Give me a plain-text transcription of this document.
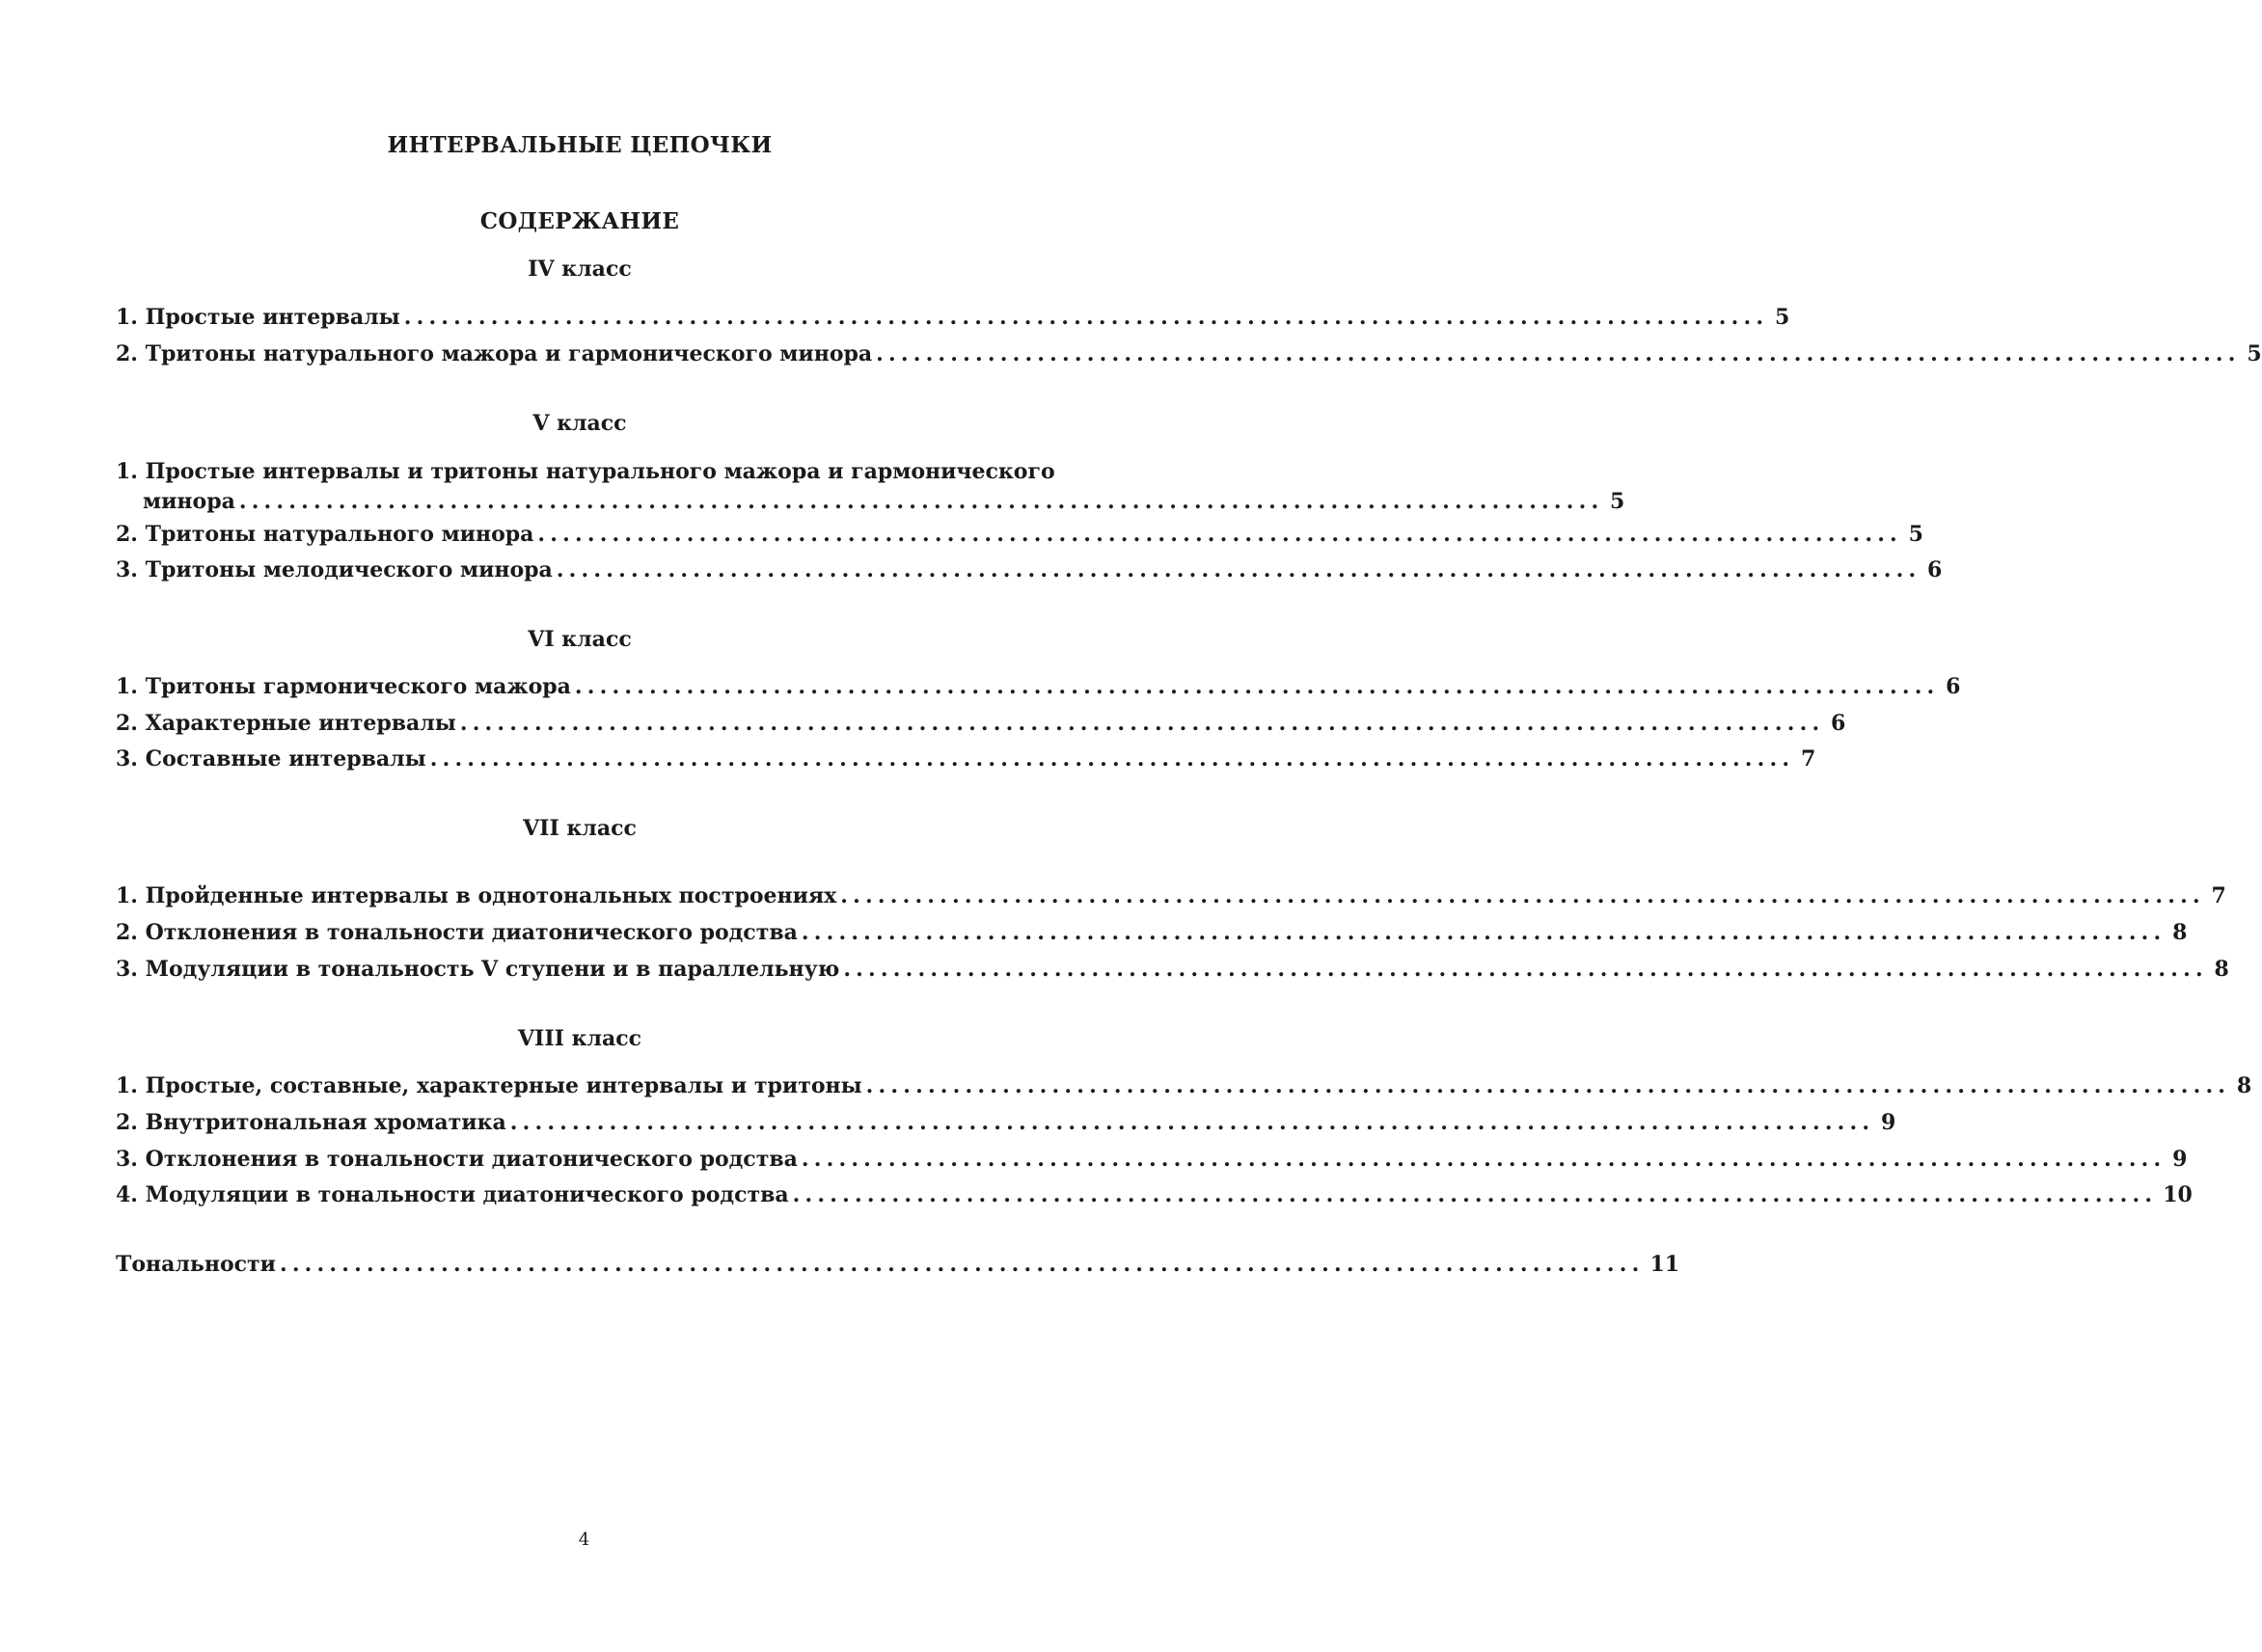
ИНТЕРВАЛЬНЫЕ ЦЕПОЧКИ
СОДЕРЖАНИЕ
IV класс
1. Простые интервалы .............................................................................................................. 5
2. Тритоны натурального мажора и гармонического минора .............................................................................................................. 5
V класс
1. Простые интервалы и тритоны натурального мажора и гармонического
минора .............................................................................................................. 5
2. Тритоны натурального минора .............................................................................................................. 5
3. Тритоны мелодического минора .............................................................................................................. 6
VI класс
1. Тритоны гармонического мажора .............................................................................................................. 6
2. Характерные интервалы .............................................................................................................. 6
3. Составные интервалы .............................................................................................................. 7
VII класс
1. Пройденные интервалы в однотональных построениях .............................................................................................................. 7
2. Отклонения в тональности диатонического родства .............................................................................................................. 8
3. Модуляции в тональность V ступени и в параллельную .............................................................................................................. 8
VIII класс
1. Простые, составные, характерные интервалы и тритоны .............................................................................................................. 8
2. Внутритональная хроматика .............................................................................................................. 9
3. Отклонения в тональности диатонического родства .............................................................................................................. 9
4. Модуляции в тональности диатонического родства .............................................................................................................. 10
Тональности .............................................................................................................. 11
4
